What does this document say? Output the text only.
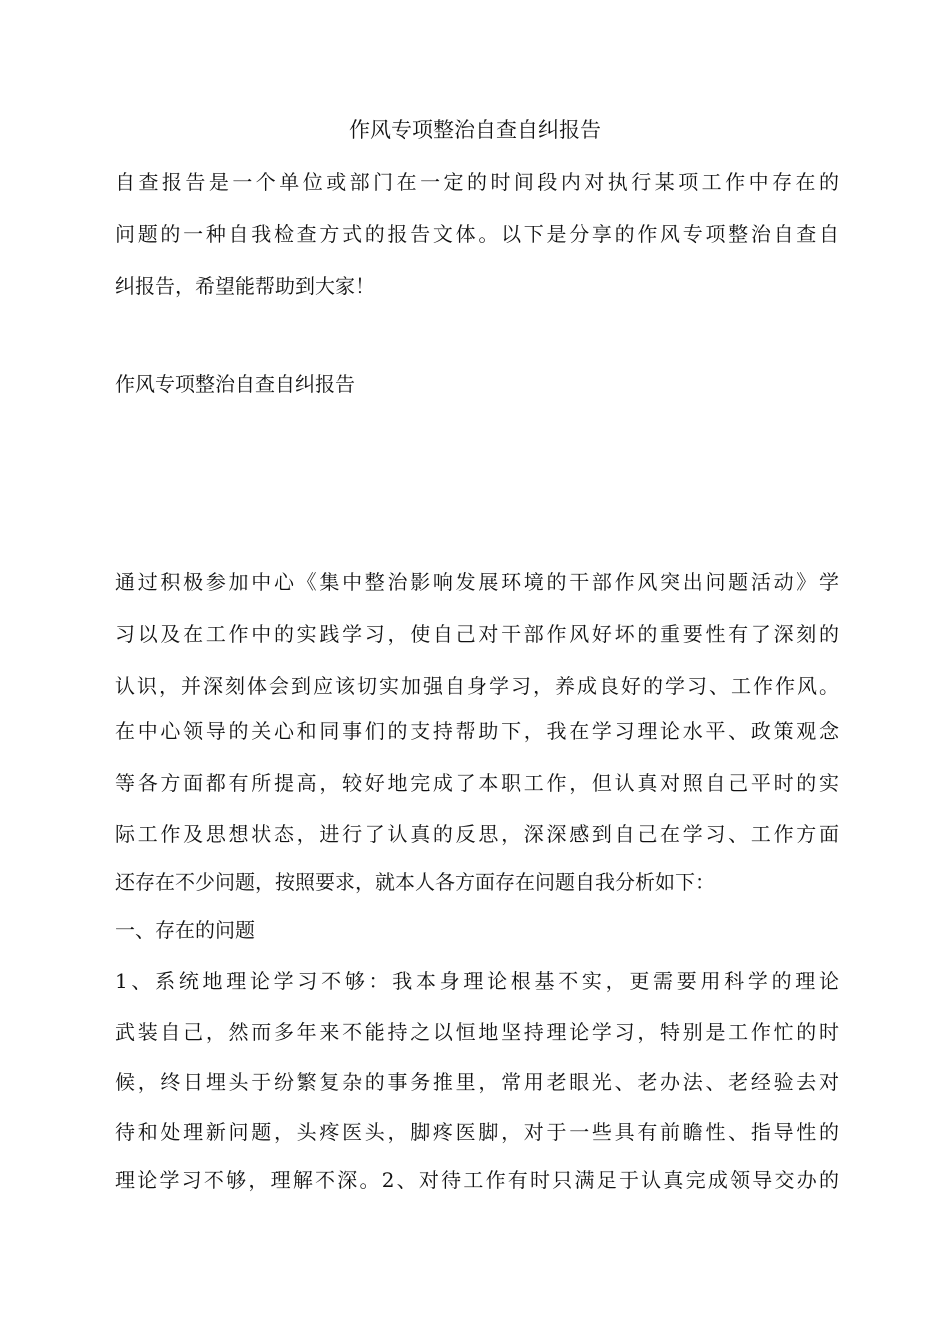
作风专项整治自查自纠报告
自查报告是一个单位或部门在一定的时间段内对执行某项工作中存在的
问题的一种自我检查方式的报告文体。以下是分享的作风专项整治自查自
纠报告，希望能帮助到大家！
作风专项整治自查自纠报告
通过积极参加中心《集中整治影响发展环境的干部作风突出问题活动》学
习以及在工作中的实践学习，使自己对干部作风好坏的重要性有了深刻的
认识，并深刻体会到应该切实加强自身学习，养成良好的学习、工作作风。
在中心领导的关心和同事们的支持帮助下，我在学习理论水平、政策观念
等各方面都有所提高，较好地完成了本职工作，但认真对照自己平时的实
际工作及思想状态，进行了认真的反思，深深感到自己在学习、工作方面
还存在不少问题，按照要求，就本人各方面存在问题自我分析如下：
一、存在的问题
1、系统地理论学习不够：我本身理论根基不实，更需要用科学的理论
武装自己，然而多年来不能持之以恒地坚持理论学习，特别是工作忙的时
候，终日埋头于纷繁复杂的事务推里，常用老眼光、老办法、老经验去对
待和处理新问题，头疼医头，脚疼医脚，对于一些具有前瞻性、指导性的
理论学习不够，理解不深。2、对待工作有时只满足于认真完成领导交办的
